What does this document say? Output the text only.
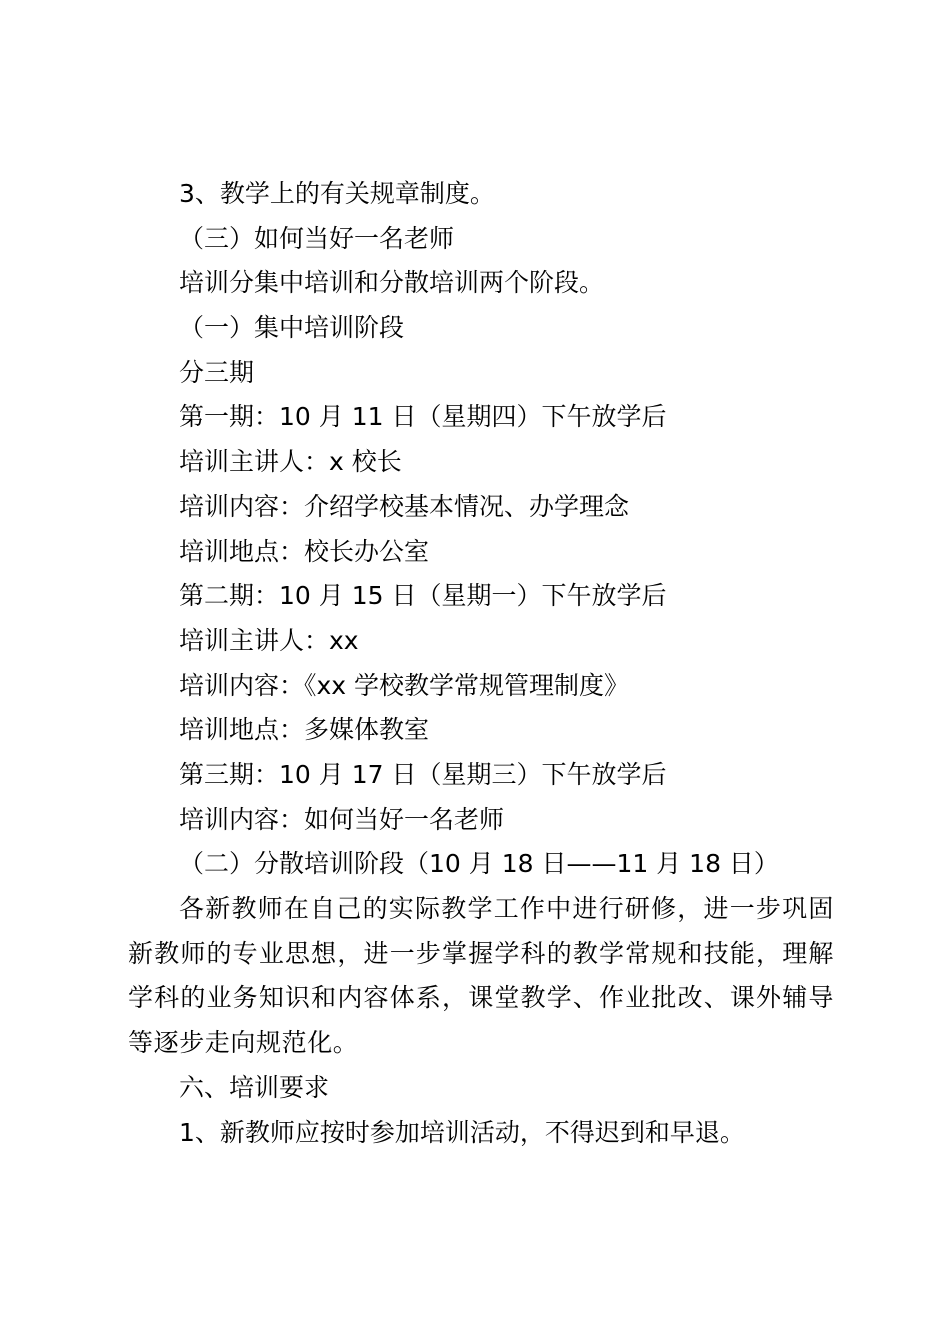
3、教学上的有关规章制度。

（三）如何当好一名老师

培训分集中培训和分散培训两个阶段。

（一）集中培训阶段

分三期

第一期：10 月 11 日（星期四）下午放学后

培训主讲人：x 校长

培训内容：介绍学校基本情况、办学理念

培训地点：校长办公室

第二期：10 月 15 日（星期一）下午放学后

培训主讲人：xx

培训内容：《xx 学校教学常规管理制度》

培训地点：多媒体教室

第三期：10 月 17 日（星期三）下午放学后

培训内容：如何当好一名老师

（二）分散培训阶段（10 月 18 日——11 月 18 日）

各新教师在自己的实际教学工作中进行研修，进一步巩固新教师的专业思想，进一步掌握学科的教学常规和技能，理解学科的业务知识和内容体系，课堂教学、作业批改、课外辅导等逐步走向规范化。

六、培训要求

1、新教师应按时参加培训活动，不得迟到和早退。
